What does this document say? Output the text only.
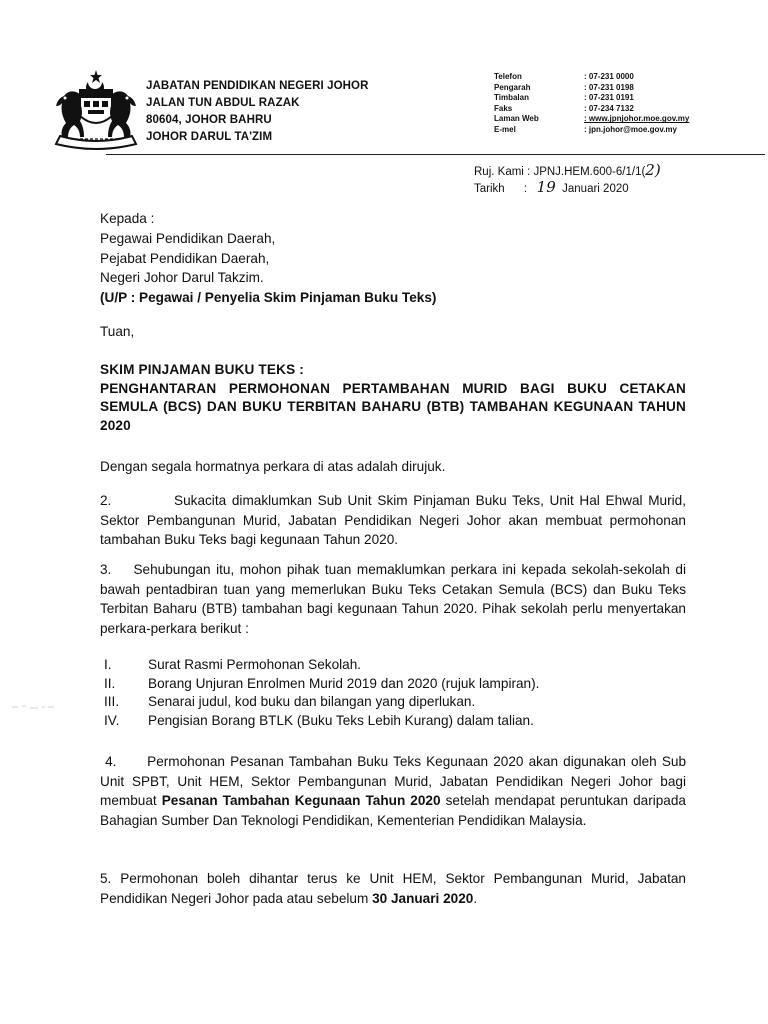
JABATAN PENDIDIKAN NEGERI JOHOR
JALAN TUN ABDUL RAZAK
80604, JOHOR BAHRU
JOHOR DARUL TA'ZIM
Telefon	: 07-231 0000
Pengarah	: 07-231 0198
Timbalan	: 07-231 0191
Faks	: 07-234 7132
Laman Web	: www.jpnjohor.moe.gov.my
E-mel	: jpn.johor@moe.gov.my
Ruj. Kami : JPNJ.HEM.600-6/1/1(2)
Tarikh : 19 Januari 2020
Kepada :
Pegawai Pendidikan Daerah,
Pejabat Pendidikan Daerah,
Negeri Johor Darul Takzim.
(U/P : Pegawai / Penyelia Skim Pinjaman Buku Teks)
Tuan,
SKIM PINJAMAN BUKU TEKS :
PENGHANTARAN PERMOHONAN PERTAMBAHAN MURID BAGI BUKU CETAKAN SEMULA (BCS) DAN BUKU TERBITAN BAHARU (BTB) TAMBAHAN KEGUNAAN TAHUN 2020
Dengan segala hormatnya perkara di atas adalah dirujuk.
2.	Sukacita dimaklumkan Sub Unit Skim Pinjaman Buku Teks, Unit Hal Ehwal Murid, Sektor Pembangunan Murid, Jabatan Pendidikan Negeri Johor akan membuat permohonan tambahan Buku Teks bagi kegunaan Tahun 2020.
3. Sehubungan itu, mohon pihak tuan memaklumkan perkara ini kepada sekolah-sekolah di bawah pentadbiran tuan yang memerlukan Buku Teks Cetakan Semula (BCS) dan Buku Teks Terbitan Baharu (BTB) tambahan bagi kegunaan Tahun 2020. Pihak sekolah perlu menyertakan perkara-perkara berikut :
I.	Surat Rasmi Permohonan Sekolah.
II.	Borang Unjuran Enrolmen Murid 2019 dan 2020 (rujuk lampiran).
III.	Senarai judul, kod buku dan bilangan yang diperlukan.
IV.	Pengisian Borang BTLK (Buku Teks Lebih Kurang) dalam talian.
4. Permohonan Pesanan Tambahan Buku Teks Kegunaan 2020 akan digunakan oleh Sub Unit SPBT, Unit HEM, Sektor Pembangunan Murid, Jabatan Pendidikan Negeri Johor bagi membuat Pesanan Tambahan Kegunaan Tahun 2020 setelah mendapat peruntukan daripada Bahagian Sumber Dan Teknologi Pendidikan, Kementerian Pendidikan Malaysia.
5. Permohonan boleh dihantar terus ke Unit HEM, Sektor Pembangunan Murid, Jabatan Pendidikan Negeri Johor pada atau sebelum 30 Januari 2020.
